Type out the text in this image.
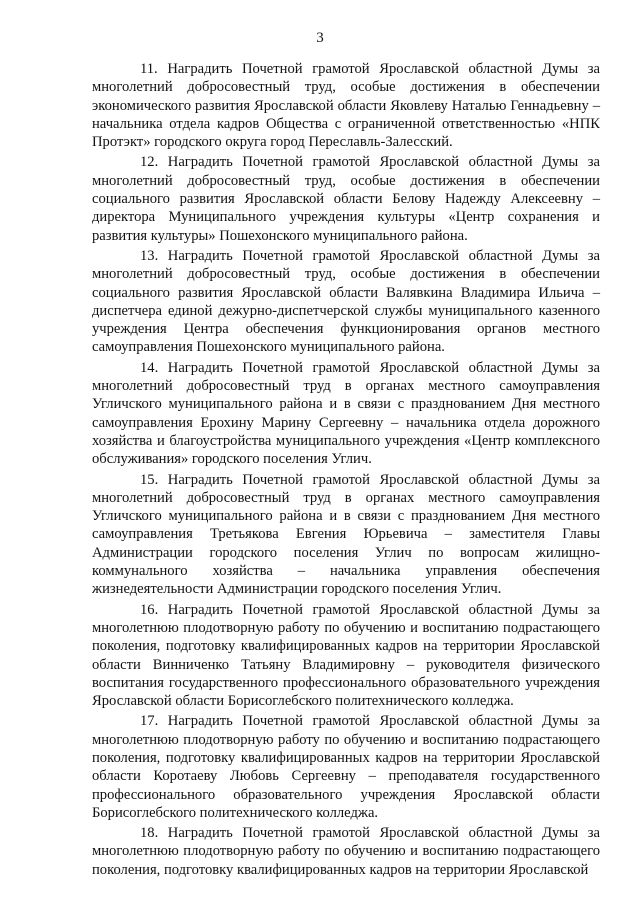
3

11. Наградить Почетной грамотой Ярославской областной Думы за многолетний добросовестный труд, особые достижения в обеспечении экономического развития Ярославской области Яковлеву Наталью Геннадьевну – начальника отдела кадров Общества с ограниченной ответственностью «НПК Протэкт» городского округа город Переславль-Залесский.

12. Наградить Почетной грамотой Ярославской областной Думы за многолетний добросовестный труд, особые достижения в обеспечении социального развития Ярославской области Белову Надежду Алексеевну – директора Муниципального учреждения культуры «Центр сохранения и развития культуры» Пошехонского муниципального района.

13. Наградить Почетной грамотой Ярославской областной Думы за многолетний добросовестный труд, особые достижения в обеспечении социального развития Ярославской области Валявкина Владимира Ильича – диспетчера единой дежурно-диспетчерской службы муниципального казенного учреждения Центра обеспечения функционирования органов местного самоуправления Пошехонского муниципального района.

14. Наградить Почетной грамотой Ярославской областной Думы за многолетний добросовестный труд в органах местного самоуправления Угличского муниципального района и в связи с празднованием Дня местного самоуправления Ерохину Марину Сергеевну – начальника отдела дорожного хозяйства и благоустройства муниципального учреждения «Центр комплексного обслуживания» городского поселения Углич.

15. Наградить Почетной грамотой Ярославской областной Думы за многолетний добросовестный труд в органах местного самоуправления Угличского муниципального района и в связи с празднованием Дня местного самоуправления Третьякова Евгения Юрьевича – заместителя Главы Администрации городского поселения Углич по вопросам жилищно-коммунального хозяйства – начальника управления обеспечения жизнедеятельности Администрации городского поселения Углич.

16. Наградить Почетной грамотой Ярославской областной Думы за многолетнюю плодотворную работу по обучению и воспитанию подрастающего поколения, подготовку квалифицированных кадров на территории Ярославской области Винниченко Татьяну Владимировну – руководителя физического воспитания государственного профессионального образовательного учреждения Ярославской области Борисоглебского политехнического колледжа.

17. Наградить Почетной грамотой Ярославской областной Думы за многолетнюю плодотворную работу по обучению и воспитанию подрастающего поколения, подготовку квалифицированных кадров на территории Ярославской области Коротаеву Любовь Сергеевну – преподавателя государственного профессионального образовательного учреждения Ярославской области Борисоглебского политехнического колледжа.

18. Наградить Почетной грамотой Ярославской областной Думы за многолетнюю плодотворную работу по обучению и воспитанию подрастающего поколения, подготовку квалифицированных кадров на территории Ярославской
